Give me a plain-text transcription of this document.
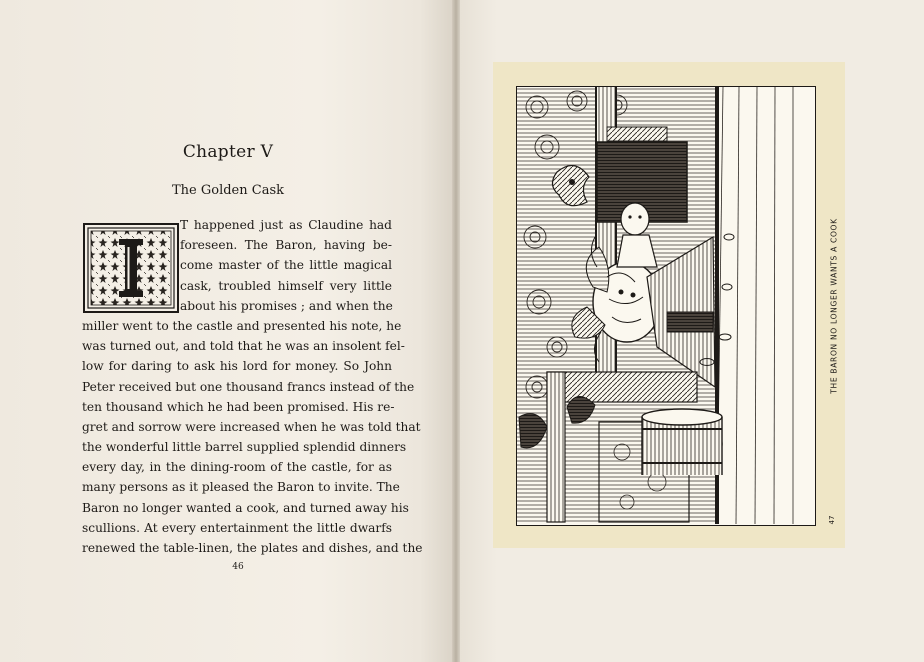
Chapter V
The Golden Cask
T happened just as Claudine had
foreseen. The Baron, having be-
come master of the little magical
cask, troubled himself very little
about his promises ; and when the
miller went to the castle and presented his note, he
was turned out, and told that he was an insolent fel-
low for daring to ask his lord for money. So John
Peter received but one thousand francs instead of the
ten thousand which he had been promised. His re-
gret and sorrow were increased when he was told that
the wonderful little barrel supplied splendid dinners
every day, in the dining-room of the castle, for as
many persons as it pleased the Baron to invite. The
Baron no longer wanted a cook, and turned away his
scullions. At every entertainment the little dwarfs
renewed the table-linen, the plates and dishes, and the
46
THE BARON NO LONGER WANTS A COOK
47
